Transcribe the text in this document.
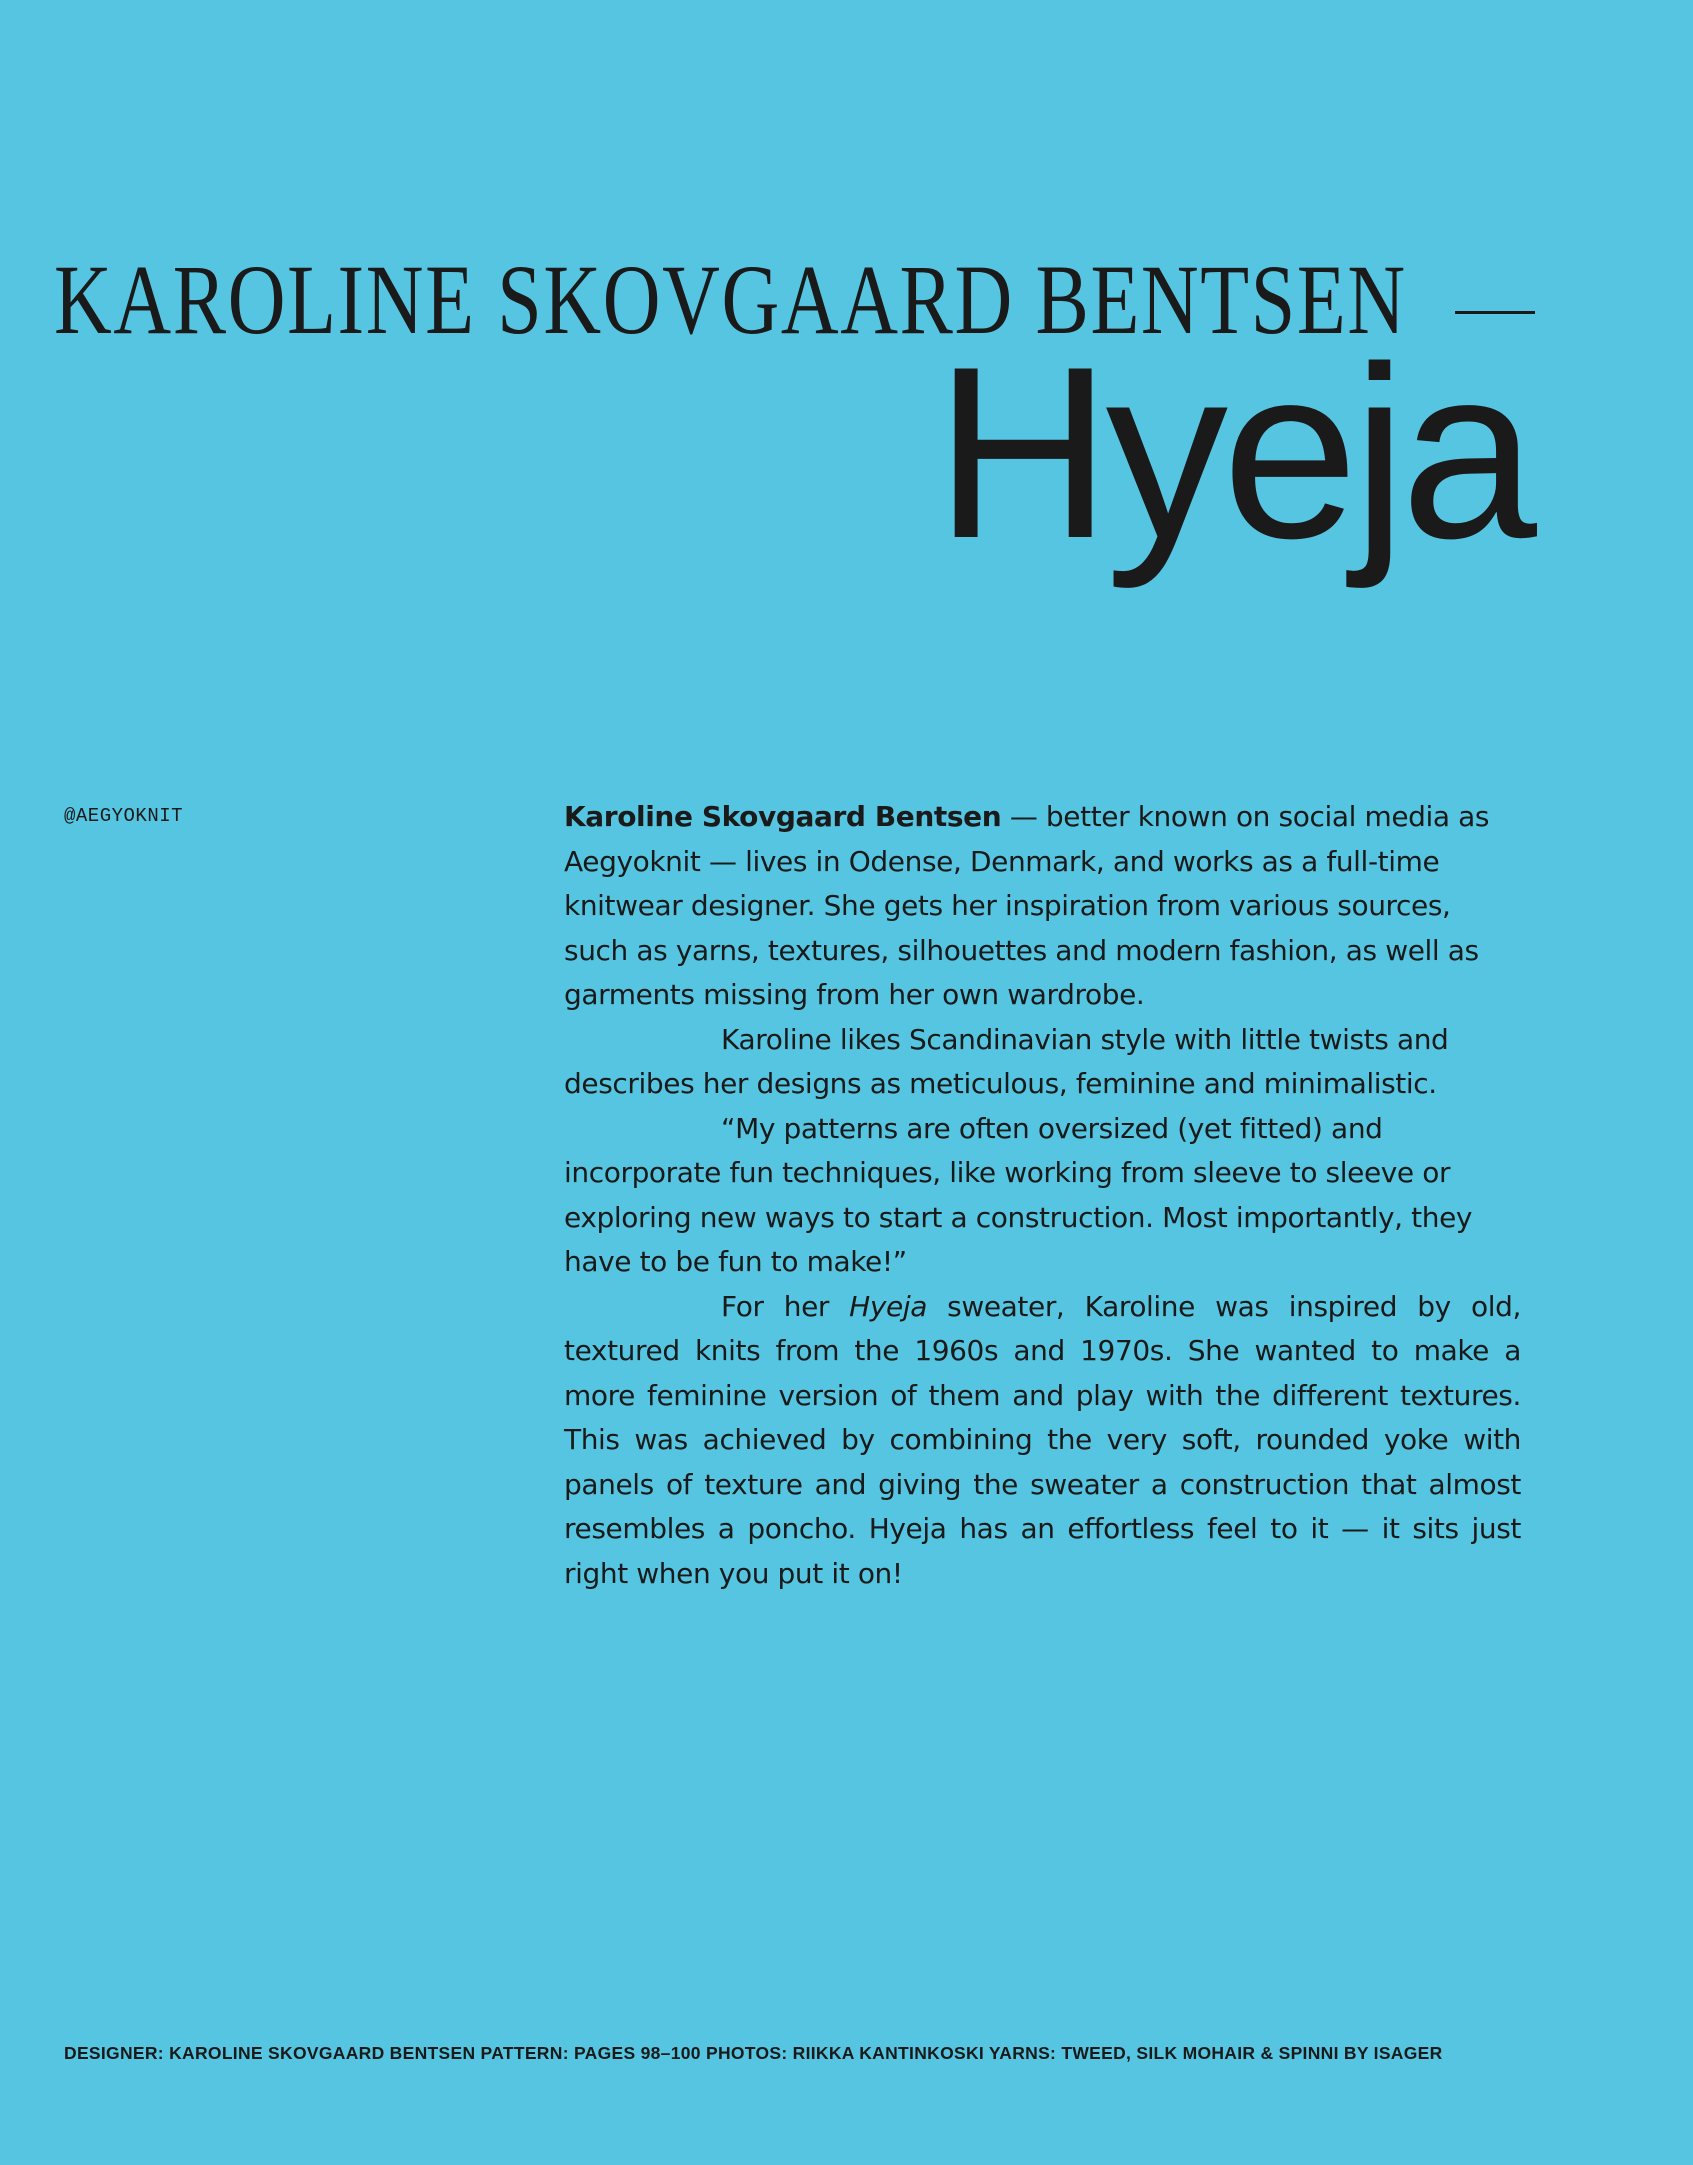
KAROLINE SKOVGAARD BENTSEN
Hyeja
@AEGYOKNIT	Karoline Skovgaard Bentsen — better known on social media as Aegyoknit — lives in Odense, Denmark, and works as a full-time knitwear designer. She gets her inspiration from various sources, such as yarns, textures, silhouettes and modern fashion, as well as garments missing from her own wardrobe.

Karoline likes Scandinavian style with little twists and describes her designs as meticulous, feminine and minimalistic.

“My patterns are often oversized (yet fitted) and incorporate fun techniques, like working from sleeve to sleeve or exploring new ways to start a construction. Most importantly, they have to be fun to make!”

For her Hyeja sweater, Karoline was inspired by old, textured knits from the 1960s and 1970s. She wanted to make a more feminine version of them and play with the different textures. This was achieved by combining the very soft, rounded yoke with panels of texture and giving the sweater a construction that almost resembles a poncho. Hyeja has an effortless feel to it — it sits just right when you put it on!

DESIGNER: KAROLINE SKOVGAARD BENTSEN PATTERN: PAGES 98–100 PHOTOS: RIIKKA KANTINKOSKI YARNS: TWEED, SILK MOHAIR & SPINNI BY ISAGER
